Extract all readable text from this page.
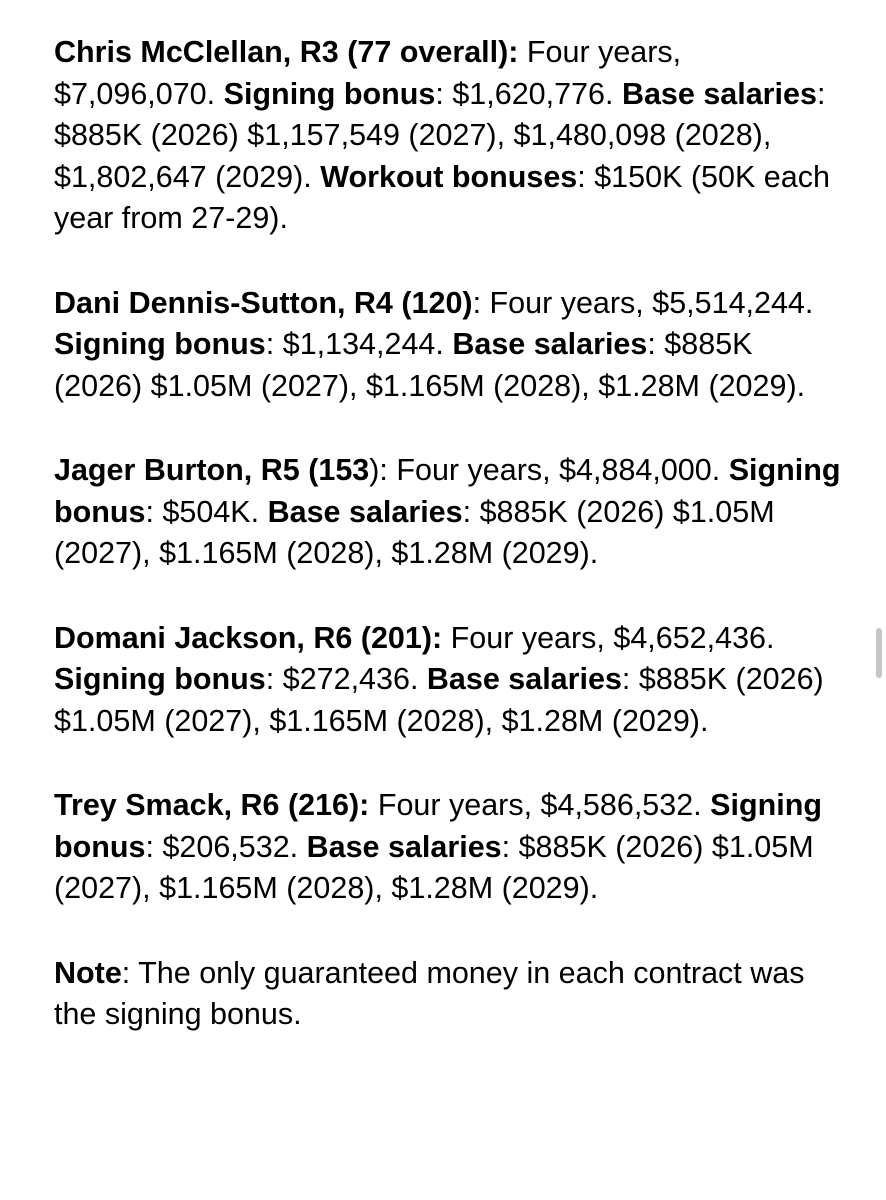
Chris McClellan, R3 (77 overall): Four years, $7,096,070. Signing bonus: $1,620,776. Base salaries: $885K (2026) $1,157,549 (2027), $1,480,098 (2028), $1,802,647 (2029). Workout bonuses: $150K (50K each year from 27-29).

Dani Dennis-Sutton, R4 (120): Four years, $5,514,244. Signing bonus: $1,134,244. Base salaries: $885K (2026) $1.05M (2027), $1.165M (2028), $1.28M (2029).

Jager Burton, R5 (153): Four years, $4,884,000. Signing bonus: $504K. Base salaries: $885K (2026) $1.05M (2027), $1.165M (2028), $1.28M (2029).

Domani Jackson, R6 (201): Four years, $4,652,436. Signing bonus: $272,436. Base salaries: $885K (2026) $1.05M (2027), $1.165M (2028), $1.28M (2029).

Trey Smack, R6 (216): Four years, $4,586,532. Signing bonus: $206,532. Base salaries: $885K (2026) $1.05M (2027), $1.165M (2028), $1.28M (2029).

Note: The only guaranteed money in each contract was the signing bonus.
